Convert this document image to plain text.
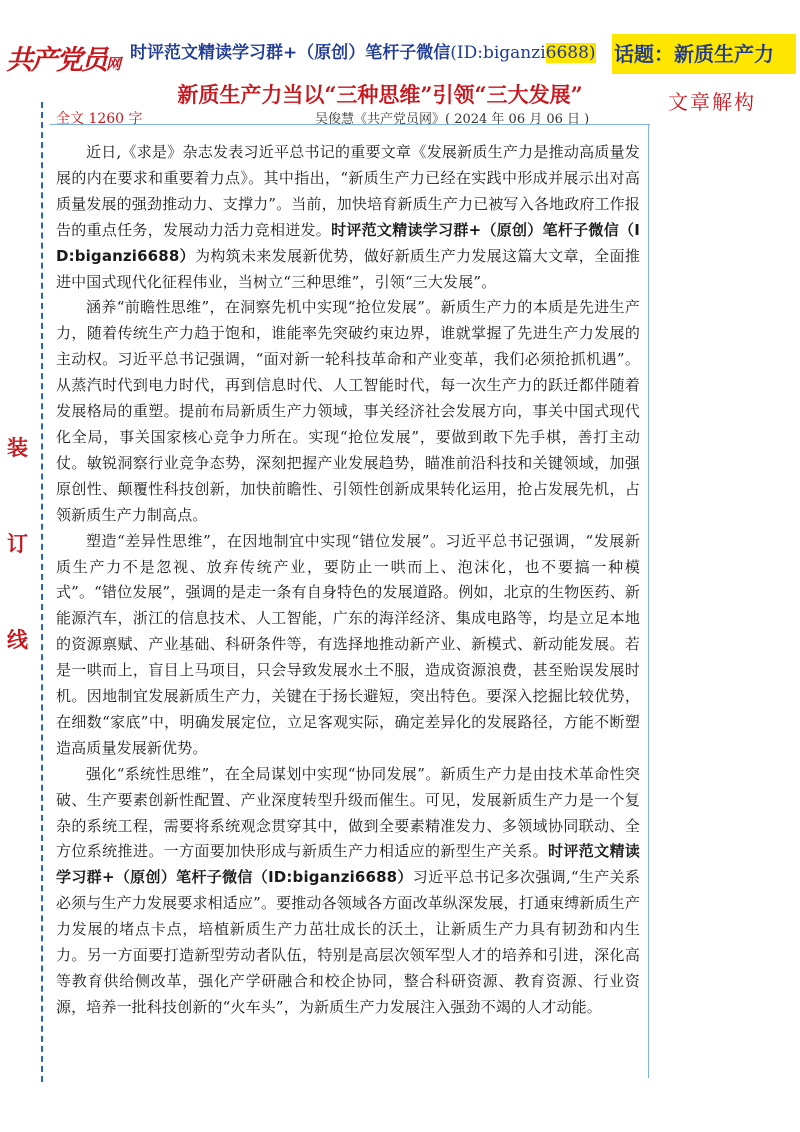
共产党员网
时评范文精读学习群+（原创）笔杆子微信(ID:biganzi6688) 话题：新质生产力
新质生产力当以“三种思维”引领“三大发展”	文章解构
全文 1260 字	吴俊慧《共产党员网》( 2024 年 06 月 06 日 )
装
订
线

近日,《求是》杂志发表习近平总书记的重要文章《发展新质生产力是推动高质量发展的内在要求和重要着力点》。其中指出，“新质生产力已经在实践中形成并展示出对高质量发展的强劲推动力、支撑力”。当前，加快培育新质生产力已被写入各地政府工作报告的重点任务，发展动力活力竞相迸发。时评范文精读学习群+（原创）笔杆子微信（ID:biganzi6688）为构筑未来发展新优势，做好新质生产力发展这篇大文章，全面推进中国式现代化征程伟业，当树立“三种思维”，引领“三大发展”。

涵养“前瞻性思维”，在洞察先机中实现“抢位发展”。新质生产力的本质是先进生产力，随着传统生产力趋于饱和，谁能率先突破约束边界，谁就掌握了先进生产力发展的主动权。习近平总书记强调，“面对新一轮科技革命和产业变革，我们必须抢抓机遇”。从蒸汽时代到电力时代，再到信息时代、人工智能时代，每一次生产力的跃迁都伴随着发展格局的重塑。提前布局新质生产力领域，事关经济社会发展方向，事关中国式现代化全局，事关国家核心竞争力所在。实现“抢位发展”，要做到敢下先手棋，善打主动仗。敏锐洞察行业竞争态势，深刻把握产业发展趋势，瞄准前沿科技和关键领域，加强原创性、颠覆性科技创新，加快前瞻性、引领性创新成果转化运用，抢占发展先机，占领新质生产力制高点。

塑造“差异性思维”，在因地制宜中实现“错位发展”。习近平总书记强调，“发展新质生产力不是忽视、放弃传统产业，要防止一哄而上、泡沫化，也不要搞一种模式”。“错位发展”，强调的是走一条有自身特色的发展道路。例如，北京的生物医药、新能源汽车，浙江的信息技术、人工智能，广东的海洋经济、集成电路等，均是立足本地的资源禀赋、产业基础、科研条件等，有选择地推动新产业、新模式、新动能发展。若是一哄而上，盲目上马项目，只会导致发展水土不服，造成资源浪费，甚至贻误发展时机。因地制宜发展新质生产力，关键在于扬长避短，突出特色。要深入挖掘比较优势，在细数“家底”中，明确发展定位，立足客观实际，确定差异化的发展路径，方能不断塑造高质量发展新优势。

强化“系统性思维”，在全局谋划中实现“协同发展”。新质生产力是由技术革命性突破、生产要素创新性配置、产业深度转型升级而催生。可见，发展新质生产力是一个复杂的系统工程，需要将系统观念贯穿其中，做到全要素精准发力、多领域协同联动、全方位系统推进。一方面要加快形成与新质生产力相适应的新型生产关系。时评范文精读学习群+（原创）笔杆子微信（ID:biganzi6688）习近平总书记多次强调,“生产关系必须与生产力发展要求相适应”。要推动各领域各方面改革纵深发展，打通束缚新质生产力发展的堵点卡点，培植新质生产力茁壮成长的沃土，让新质生产力具有韧劲和内生力。另一方面要打造新型劳动者队伍，特别是高层次领军型人才的培养和引进，深化高等教育供给侧改革，强化产学研融合和校企协同，整合科研资源、教育资源、行业资源，培养一批科技创新的“火车头”，为新质生产力发展注入强劲不竭的人才动能。
